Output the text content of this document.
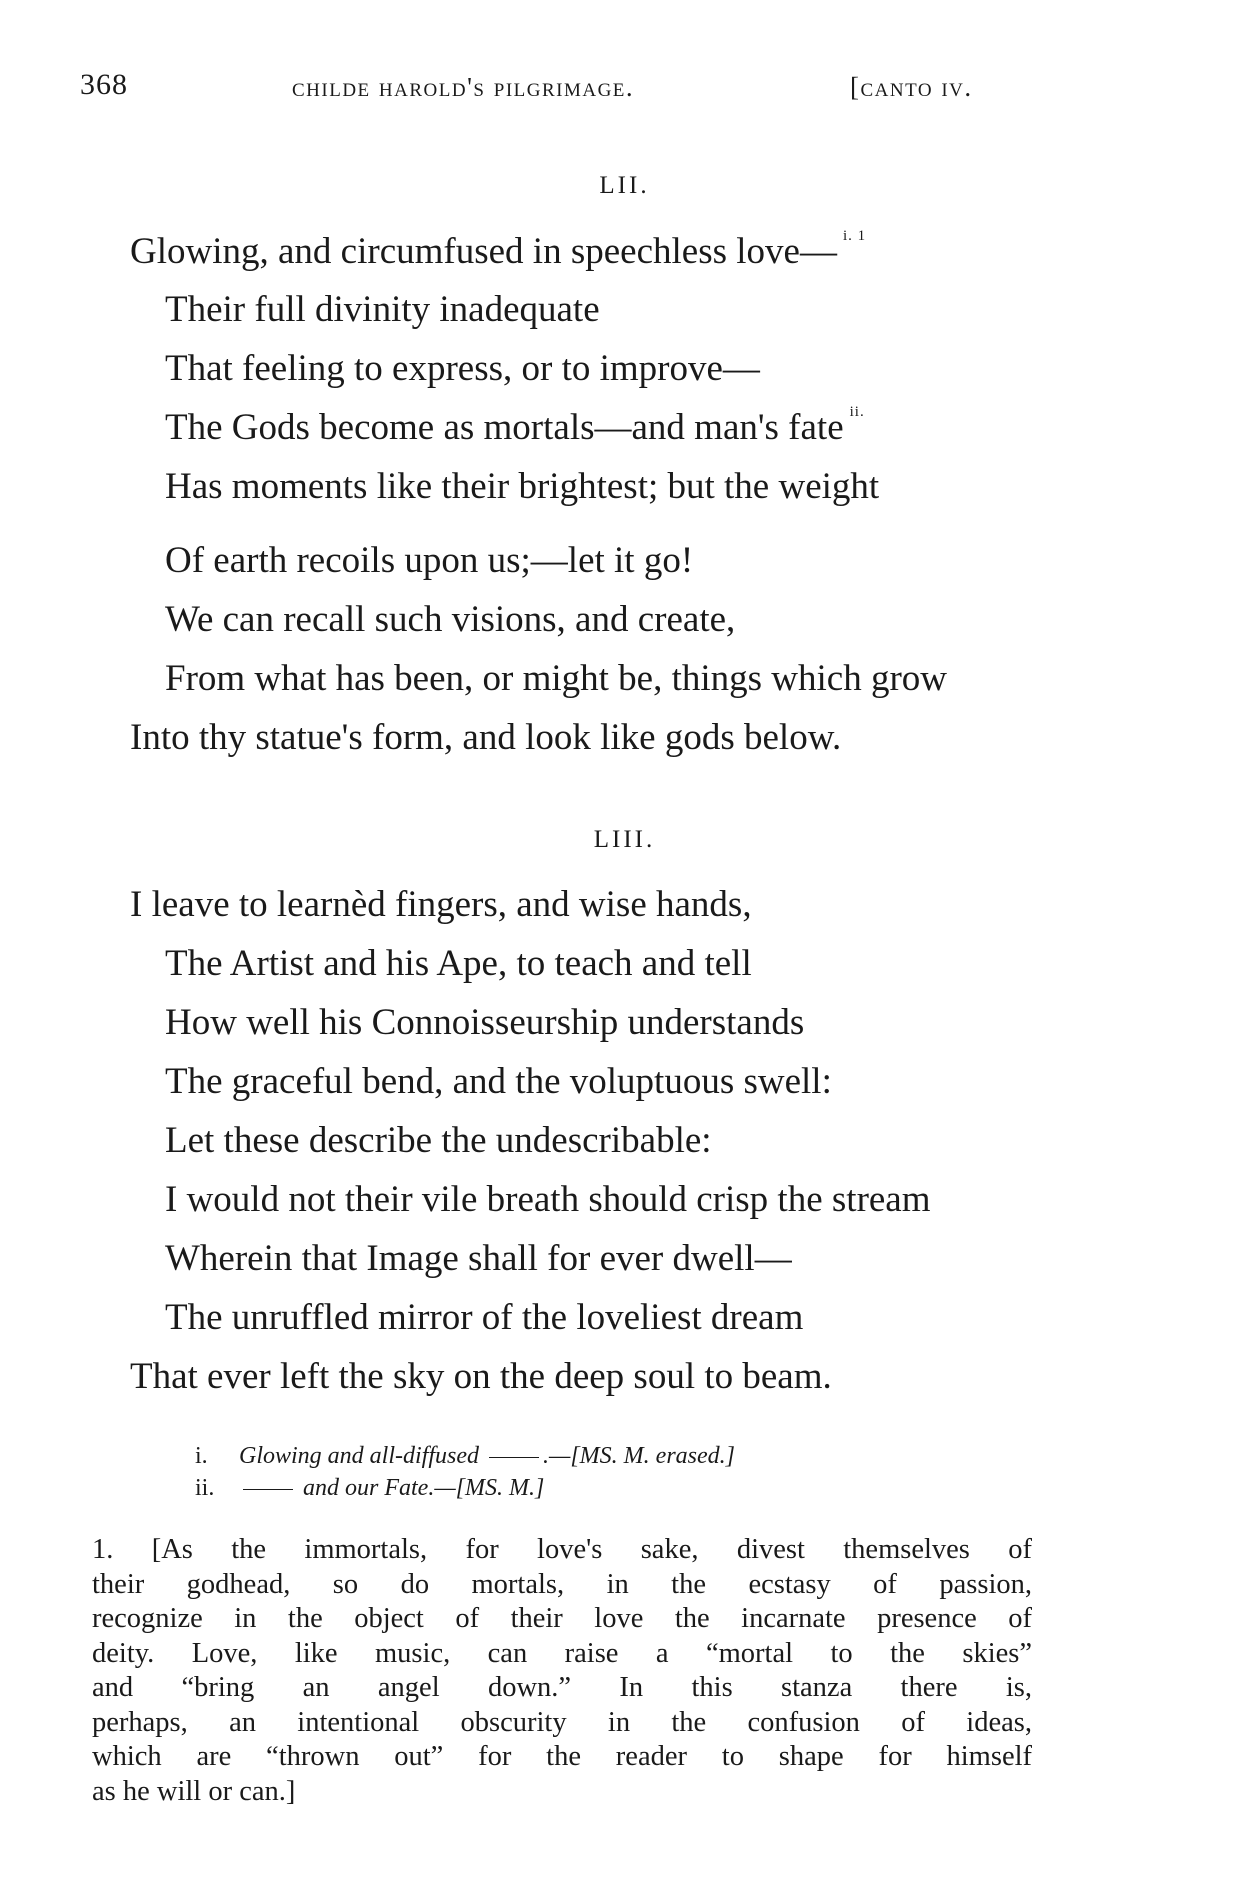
368	childe harold's pilgrimage.	[canto iv.
LII.
Glowing, and circumfused in speechless love— $^{i. 1}$
Their full divinity inadequate
That feeling to express, or to improve—
The Gods become as mortals—and man's fate $^{ii.}$
Has moments like their brightest; but the weight
Of earth recoils upon us;—let it go!
We can recall such visions, and create,
From what has been, or might be, things which grow
Into thy statue's form, and look like gods below.
LIII.
I leave to learnèd fingers, and wise hands,
The Artist and his Ape, to teach and tell
How well his Connoisseurship understands
The graceful bend, and the voluptuous swell:
Let these describe the undescribable:
I would not their vile breath should crisp the stream
Wherein that Image shall for ever dwell—
The unruffled mirror of the loveliest dream
That ever left the sky on the deep soul to beam.
i. Glowing and all-diffused	.—[MS. M. erased.]
ii.	and our Fate.—[MS. M.]
1. [As the immortals, for love's sake, divest themselves of
their godhead, so do mortals, in the ecstasy of passion,
recognize in the object of their love the incarnate presence of
deity. Love, like music, can raise a “mortal to the skies”
and “bring an angel down.” In this stanza there is,
perhaps, an intentional obscurity in the confusion of ideas,
which are “thrown out” for the reader to shape for himself
as he will or can.]
